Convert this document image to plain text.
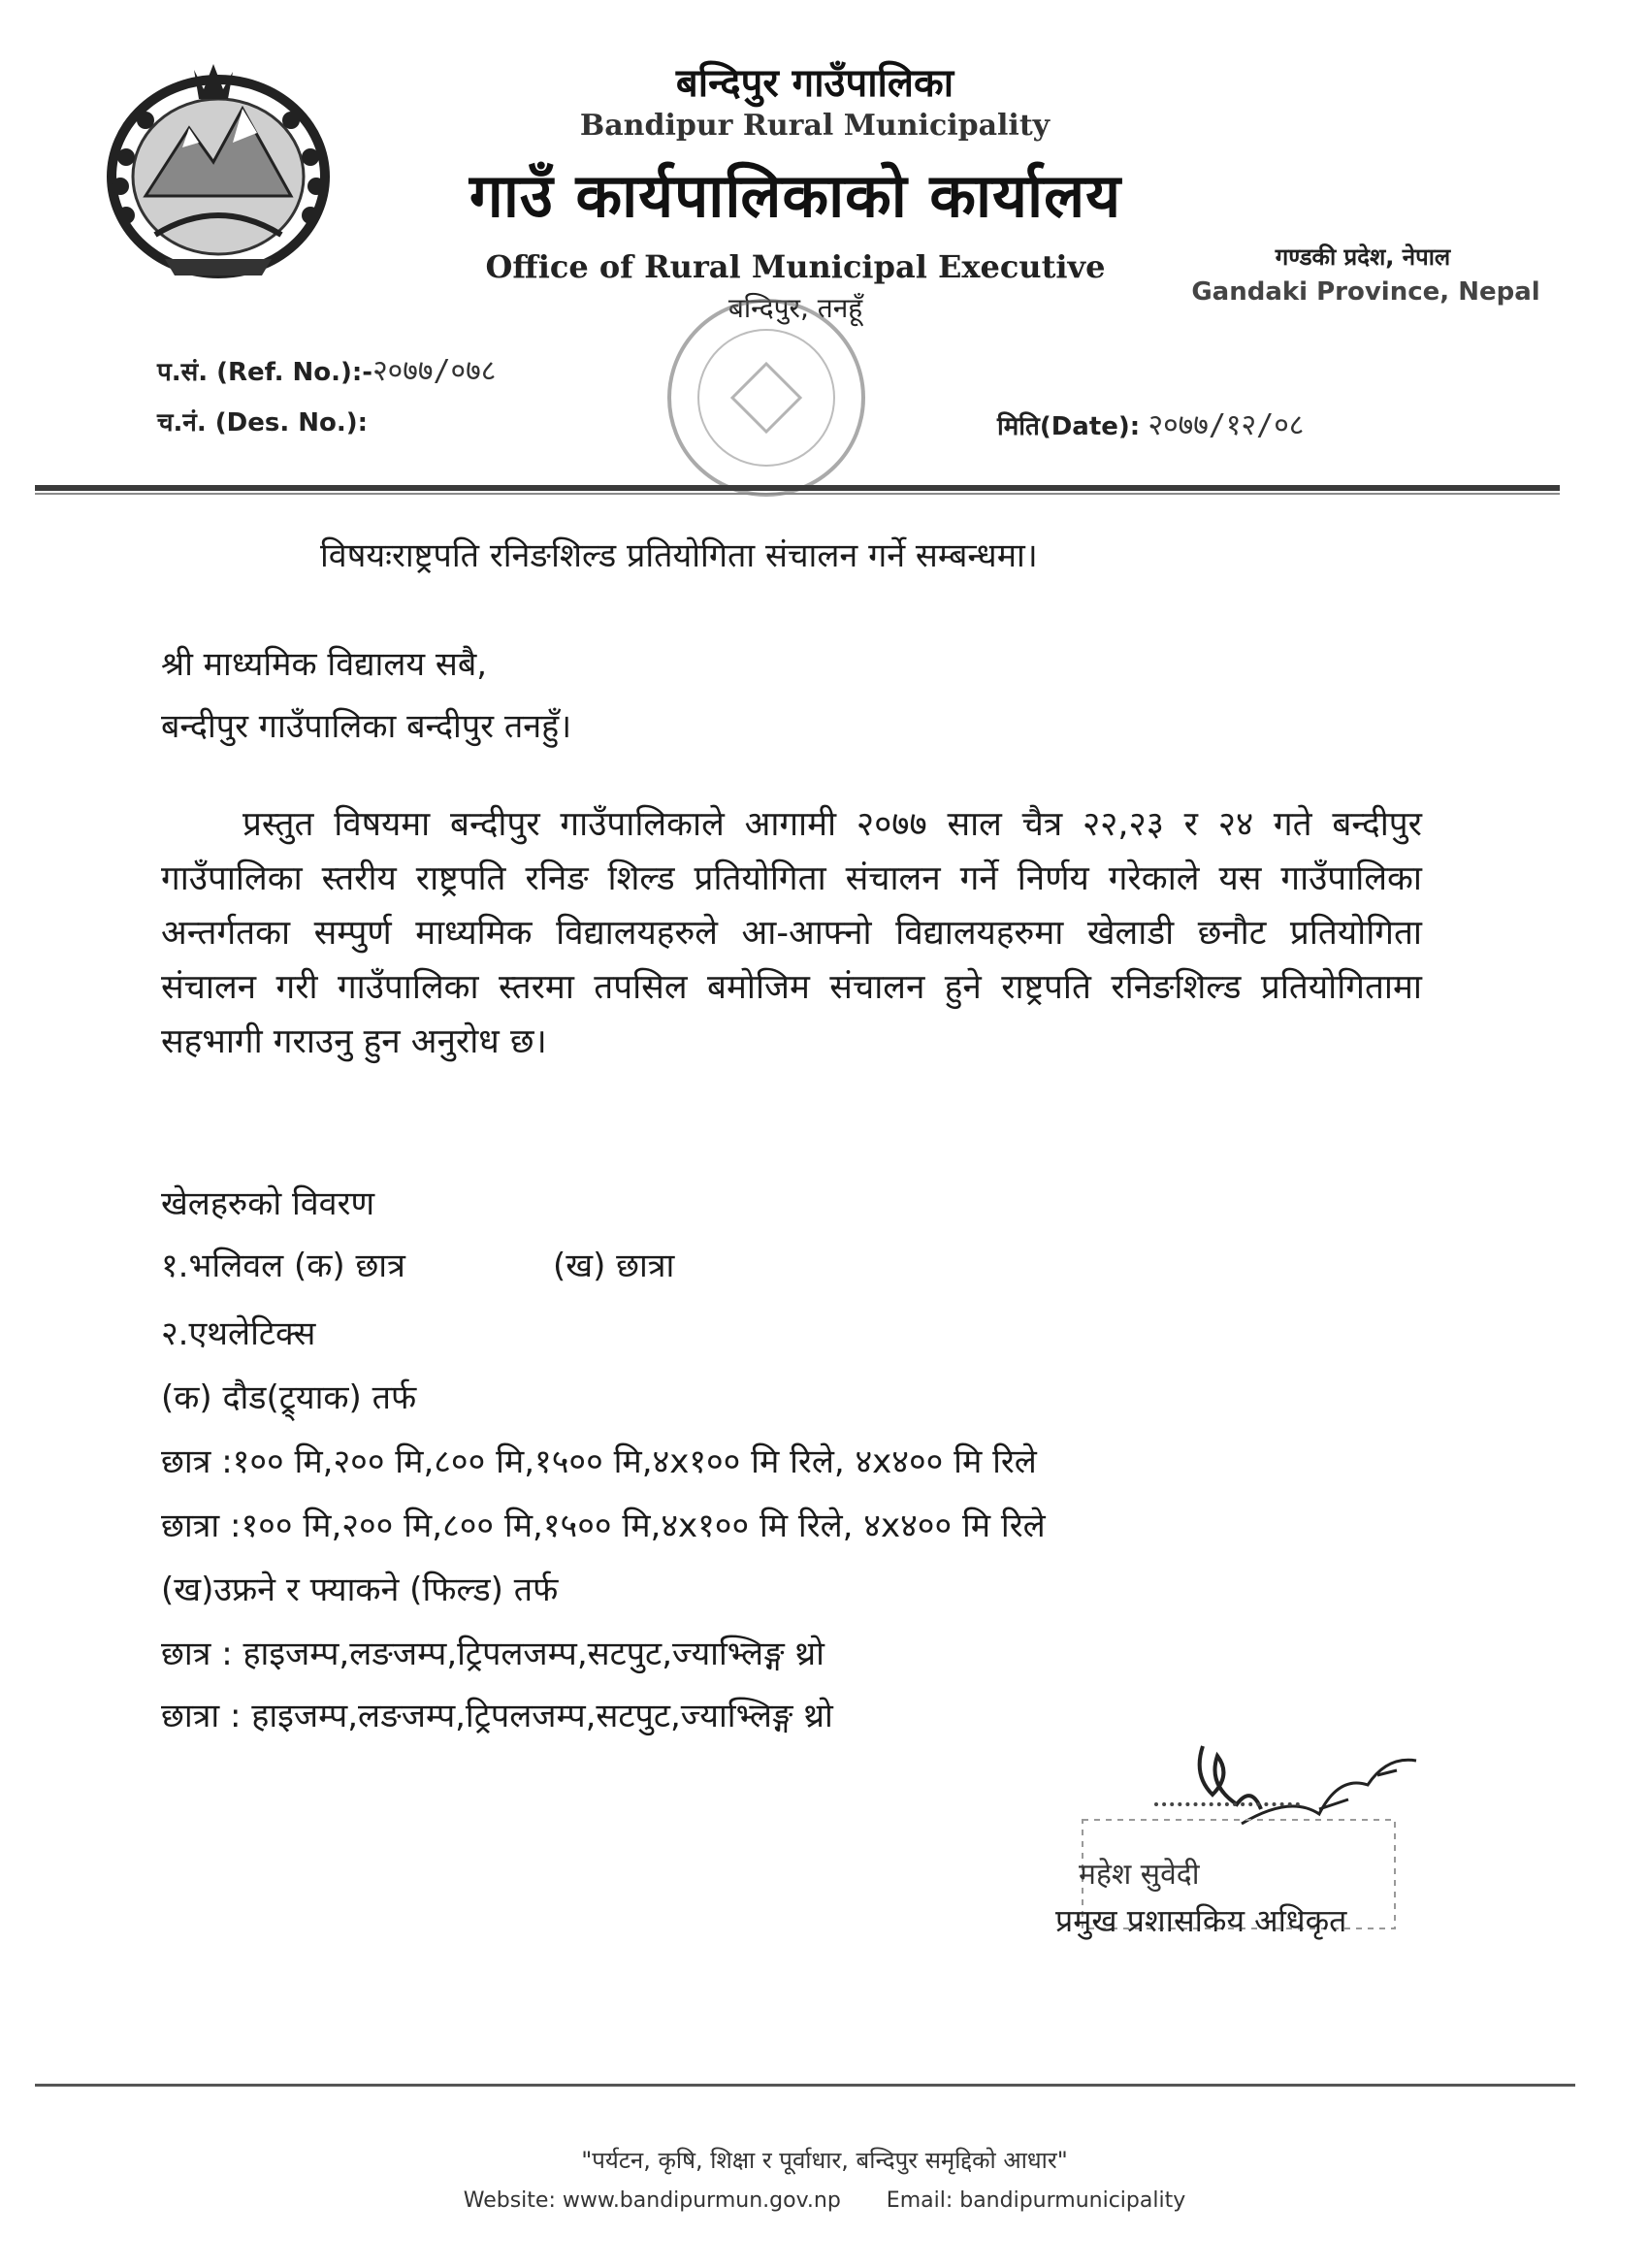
बन्दिपुर गाउँपालिका
Bandipur Rural Municipality
गाउँ कार्यपालिकाको कार्यालय
Office of Rural Municipal Executive
बन्दिपुर, तनहूँ
गण्डकी प्रदेश, नेपाल
Gandaki Province, Nepal
प.सं. (Ref. No.):-२०७७/०७८
च.नं. (Des. No.):	मिति(Date): २०७७/१२/०८
विषयःराष्ट्रपति रनिङशिल्ड प्रतियोगिता संचालन गर्ने सम्बन्धमा।
श्री माध्यमिक विद्यालय सबै,
बन्दीपुर गाउँपालिका बन्दीपुर तनहुँ।
प्रस्तुत विषयमा बन्दीपुर गाउँपालिकाले आगामी २०७७ साल चैत्र २२,२३ र २४ गते बन्दीपुर गाउँपालिका स्तरीय राष्ट्रपति रनिङ शिल्ड प्रतियोगिता संचालन गर्ने निर्णय गरेकाले यस गाउँपालिका अन्तर्गतका सम्पुर्ण माध्यमिक विद्यालयहरुले आ-आफ्नो विद्यालयहरुमा खेलाडी छनौट प्रतियोगिता संचालन गरी गाउँपालिका स्तरमा तपसिल बमोजिम संचालन हुने राष्ट्रपति रनिङशिल्ड प्रतियोगितामा सहभागी गराउनु हुन अनुरोध छ।
खेलहरुको विवरण
१.भलिवल (क) छात्र	(ख) छात्रा
२.एथलेटिक्स
(क) दौड(ट्र्याक) तर्फ
छात्र :१०० मि,२०० मि,८०० मि,१५०० मि,४x१०० मि रिले, ४x४०० मि रिले
छात्रा :१०० मि,२०० मि,८०० मि,१५०० मि,४x१०० मि रिले, ४x४०० मि रिले
(ख)उफ्रने र फ्याकने (फिल्ड) तर्फ
छात्र : हाइजम्प,लङजम्प,ट्रिपलजम्प,सटपुट,ज्याभ्लिङ्ग थ्रो
छात्रा : हाइजम्प,लङजम्प,ट्रिपलजम्प,सटपुट,ज्याभ्लिङ्ग थ्रो
महेश सुवेदी
प्रमुख प्रशासकिय अधिकृत
"पर्यटन, कृषि, शिक्षा र पूर्वाधार, बन्दिपुर समृद्दिको आधार"
Website: www.bandipurmun.gov.np Email: bandipurmunicipality
